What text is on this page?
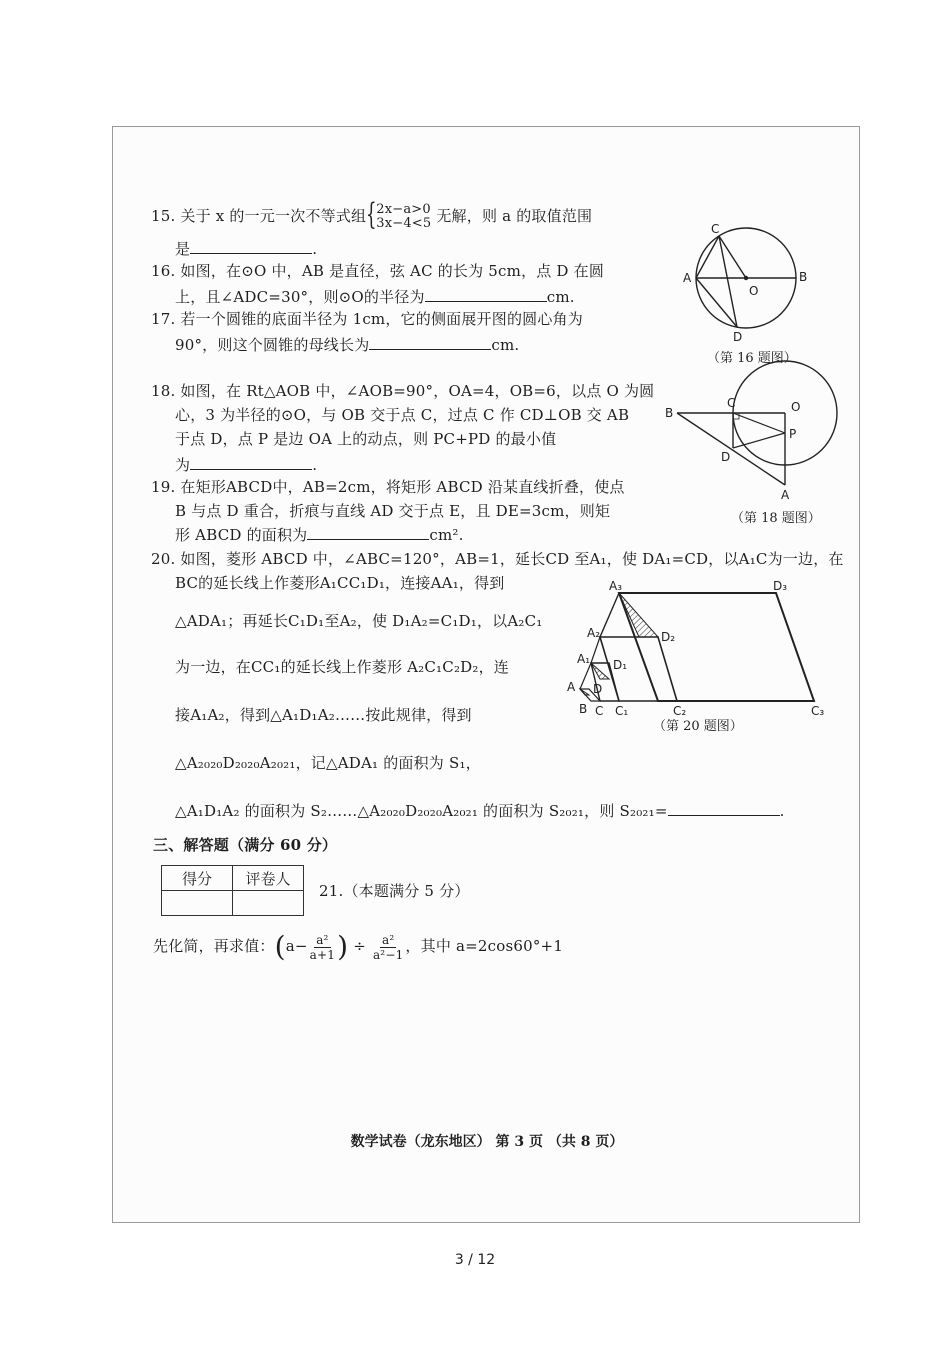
15. 关于 x 的一元一次不等式组 { 2x−a>0
3x−4<5 无解，则 a 的取值范围
是	.
16. 如图，在⊙O 中，AB 是直径，弦 AC 的长为 5cm，点 D 在圆
上，且∠ADC=30°，则⊙O的半径为	cm.
C
A
O
B
D
（第 16 题图）
17. 若一个圆锥的底面半径为 1cm，它的侧面展开图的圆心角为
90°，则这个圆锥的母线长为	cm.
18. 如图，在 Rt△AOB 中，∠AOB=90°，OA=4，OB=6，以点 O 为圆
心，3 为半径的⊙O，与 OB 交于点 C，过点 C 作 CD⊥OB 交 AB
于点 D，点 P 是边 OA 上的动点，则 PC+PD 的最小值
为	.
B
C	O
P
D
A
（第 18 题图）
19. 在矩形ABCD中，AB=2cm，将矩形 ABCD 沿某直线折叠，使点
B 与点 D 重合，折痕与直线 AD 交于点 E，且 DE=3cm，则矩
形 ABCD 的面积为	cm².
20. 如图，菱形 ABCD 中，∠ABC=120°，AB=1，延长CD 至A₁，使 DA₁=CD，以A₁C为一边，在
BC的延长线上作菱形A₁CC₁D₁，连接AA₁，得到
△ADA₁；再延长C₁D₁至A₂，使 D₁A₂=C₁D₁，以A₂C₁
为一边，在CC₁的延长线上作菱形 A₂C₁C₂D₂，连
接A₁A₂，得到△A₁D₁A₂……按此规律，得到
△A₂₀₂₀D₂₀₂₀A₂₀₂₁，记△ADA₁ 的面积为 S₁，
△A₁D₁A₂ 的面积为 S₂……△A₂₀₂₀D₂₀₂₀A₂₀₂₁ 的面积为 S₂₀₂₁，则 S₂₀₂₁=	.
A₃	D₃
A₂	D₂
A₁ D₁
A D
B C C₁	C₂	C₃
（第 20 题图）
三、解答题（满分 60 分）
得分	评卷人

21.（本题满分 5 分）
先化简，再求值：($a- \frac{\text{a²}}{a+1}$ ) ÷ $\frac{\text{a²}}{\text{a²−1}}$ ，其中 a=2cos60°+1
数学试卷（龙东地区） 第 3 页 （共 8 页）
3 / 12
